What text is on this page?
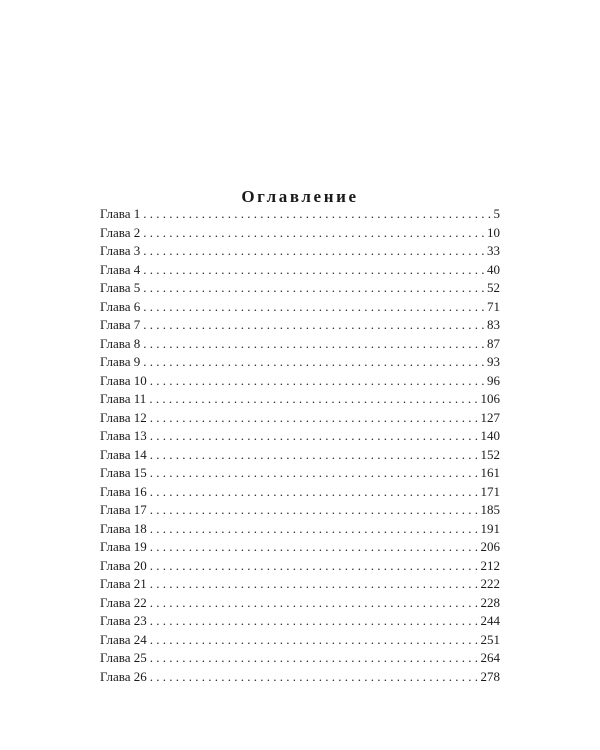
Оглавление
Глава 1 . . .	5
Глава 2 . . .	10
Глава 3 . . .	33
Глава 4 . . .	40
Глава 5 . . .	52
Глава 6 . . .	71
Глава 7 . . .	83
Глава 8 . . .	87
Глава 9 . . .	93
Глава 10 . . .	96
Глава 11 . . .	106
Глава 12 . . .	127
Глава 13 . . .	140
Глава 14 . . .	152
Глава 15 . . .	161
Глава 16 . . .	171
Глава 17 . . .	185
Глава 18 . . .	191
Глава 19 . . .	206
Глава 20 . . .	212
Глава 21 . . .	222
Глава 22 . . .	228
Глава 23 . . .	244
Глава 24 . . .	251
Глава 25 . . .	264
Глава 26 . . .	278
